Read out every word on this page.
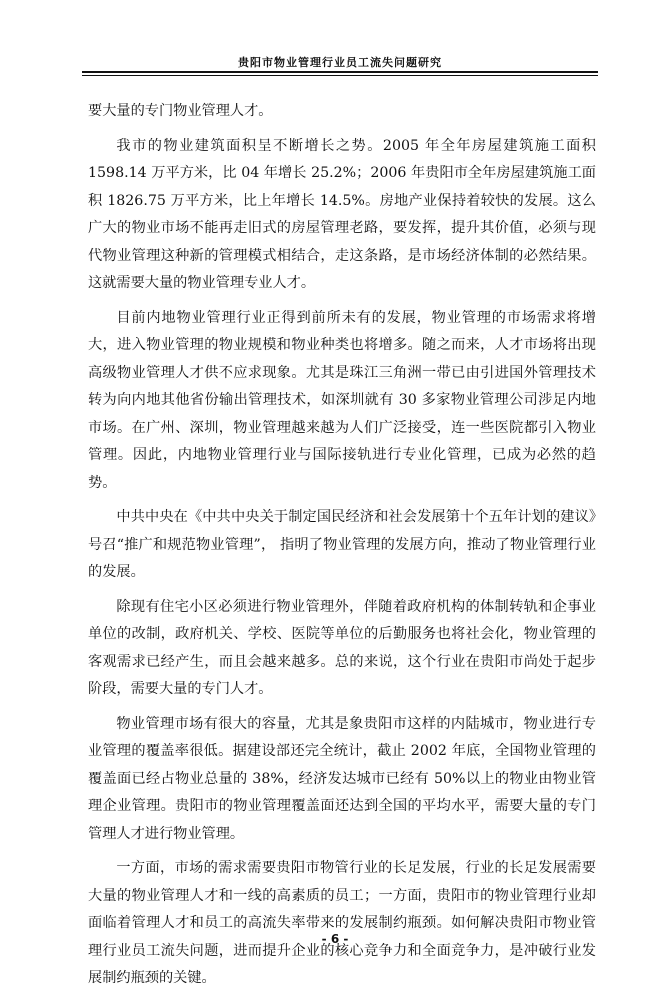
贵阳市物业管理行业员工流失问题研究

要大量的专门物业管理人才。

我市的物业建筑面积呈不断增长之势。2005 年全年房屋建筑施工面积 1598.14 万平方米，比 04 年增长 25.2%；2006 年贵阳市全年房屋建筑施工面积 1826.75 万平方米，比上年增长 14.5%。房地产业保持着较快的发展。这么广大的物业市场不能再走旧式的房屋管理老路，要发挥，提升其价值，必须与现代物业管理这种新的管理模式相结合，走这条路，是市场经济体制的必然结果。这就需要大量的物业管理专业人才。

目前内地物业管理行业正得到前所未有的发展，物业管理的市场需求将增大，进入物业管理的物业规模和物业种类也将增多。随之而来，人才市场将出现高级物业管理人才供不应求现象。尤其是珠江三角洲一带已由引进国外管理技术转为向内地其他省份输出管理技术，如深圳就有 30 多家物业管理公司涉足内地市场。在广州、深圳，物业管理越来越为人们广泛接受，连一些医院都引入物业管理。因此，内地物业管理行业与国际接轨进行专业化管理，已成为必然的趋势。

中共中央在《中共中央关于制定国民经济和社会发展第十个五年计划的建议》号召“推广和规范物业管理”， 指明了物业管理的发展方向，推动了物业管理行业的发展。

除现有住宅小区必须进行物业管理外，伴随着政府机构的体制转轨和企事业单位的改制，政府机关、学校、医院等单位的后勤服务也将社会化，物业管理的客观需求已经产生，而且会越来越多。总的来说，这个行业在贵阳市尚处于起步阶段，需要大量的专门人才。

物业管理市场有很大的容量，尤其是象贵阳市这样的内陆城市，物业进行专业管理的覆盖率很低。据建设部还完全统计，截止 2002 年底，全国物业管理的覆盖面已经占物业总量的 38%，经济发达城市已经有 50%以上的物业由物业管理企业管理。贵阳市的物业管理覆盖面还达到全国的平均水平，需要大量的专门管理人才进行物业管理。

一方面，市场的需求需要贵阳市物管行业的长足发展，行业的长足发展需要大量的物业管理人才和一线的高素质的员工；一方面，贵阳市的物业管理行业却面临着管理人才和员工的高流失率带来的发展制约瓶颈。如何解决贵阳市物业管理行业员工流失问题，进而提升企业的核心竞争力和全面竞争力，是冲破行业发展制约瓶颈的关键。

- 6 -
